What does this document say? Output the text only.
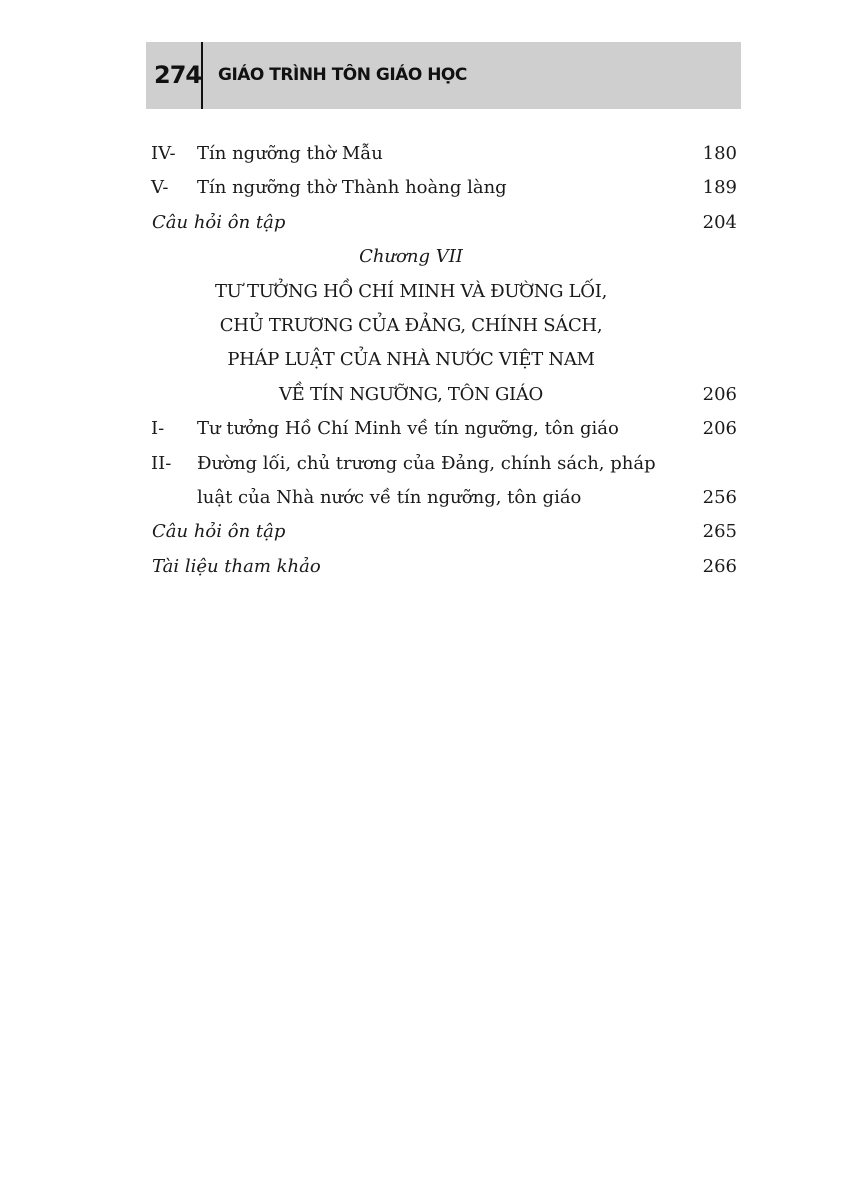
274 GIÁO TRÌNH TÔN GIÁO HỌC
IV- Tín ngưỡng thờ Mẫu	180
V- Tín ngưỡng thờ Thành hoàng làng	189
Câu hỏi ôn tập	204
Chương VII
TƯ TƯỞNG HỒ CHÍ MINH VÀ ĐƯỜNG LỐI,
CHỦ TRƯƠNG CỦA ĐẢNG, CHÍNH SÁCH,
PHÁP LUẬT CỦA NHÀ NƯỚC VIỆT NAM
VỀ TÍN NGƯỠNG, TÔN GIÁO	206
I- Tư tưởng Hồ Chí Minh về tín ngưỡng, tôn giáo	206
II- Đường lối, chủ trương của Đảng, chính sách, pháp
luật của Nhà nước về tín ngưỡng, tôn giáo	256
Câu hỏi ôn tập	265
Tài liệu tham khảo	266
